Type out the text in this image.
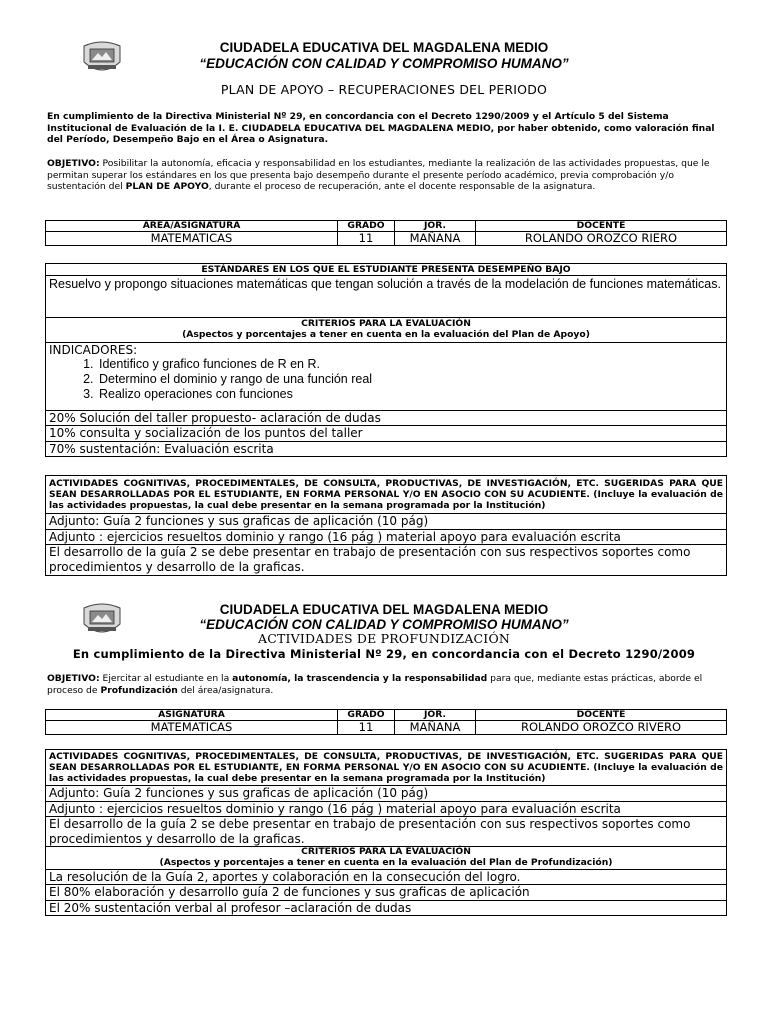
CIUDADELA EDUCATIVA DEL MAGDALENA MEDIO
“EDUCACIÓN CON CALIDAD Y COMPROMISO HUMANO”
PLAN DE APOYO – RECUPERACIONES DEL PERIODO
En cumplimiento de la Directiva Ministerial Nº 29, en concordancia con el Decreto 1290/2009 y el Artículo 5 del Sistema Institucional de Evaluación de la I. E. CIUDADELA EDUCATIVA DEL MAGDALENA MEDIO, por haber obtenido, como valoración final del Período, Desempeño Bajo en el Área o Asignatura.
OBJETIVO: Posibilitar la autonomía, eficacia y responsabilidad en los estudiantes, mediante la realización de las actividades propuestas, que le permitan superar los estándares en los que presenta bajo desempeño durante el presente período académico, previa comprobación y/o sustentación del PLAN DE APOYO, durante el proceso de recuperación, ante el docente responsable de la asignatura.
ÁREA/ASIGNATURA	GRADO	JOR.	DOCENTE
MATEMATICAS	11	MAÑANA	ROLANDO OROZCO RIERO
ESTÁNDARES EN LOS QUE EL ESTUDIANTE PRESENTA DESEMPEÑO BAJO
Resuelvo y propongo situaciones matemáticas que tengan solución a través de la modelación de funciones matemáticas.

CRITERIOS PARA LA EVALUACIÓN
(Aspectos y porcentajes a tener en cuenta en la evaluación del Plan de Apoyo)

INDICADORES:
1. Identifico y grafico funciones de R en R.
2. Determino el dominio y rango de una función real
3. Realizo operaciones con funciones

20% Solución del taller propuesto- aclaración de dudas
10% consulta y socialización de los puntos del taller
70% sustentación: Evaluación escrita
ACTIVIDADES COGNITIVAS, PROCEDIMENTALES, DE CONSULTA, PRODUCTIVAS, DE INVESTIGACIÓN, ETC. SUGERIDAS PARA QUE SEAN DESARROLLADAS POR EL ESTUDIANTE, EN FORMA PERSONAL Y/O EN ASOCIO CON SU ACUDIENTE. (Incluye la evaluación de las actividades propuestas, la cual debe presentar en la semana programada por la Institución)
Adjunto: Guía 2 funciones y sus graficas de aplicación (10 pág)
Adjunto : ejercicios resueltos dominio y rango (16 pág ) material apoyo para evaluación escrita
El desarrollo de la guía 2 se debe presentar en trabajo de presentación con sus respectivos soportes como procedimientos y desarrollo de la graficas.
CIUDADELA EDUCATIVA DEL MAGDALENA MEDIO
“EDUCACIÓN CON CALIDAD Y COMPROMISO HUMANO”
ACTIVIDADES DE PROFUNDIZACIÓN
En cumplimiento de la Directiva Ministerial Nº 29, en concordancia con el Decreto 1290/2009
OBJETIVO: Ejercitar al estudiante en la autonomía, la trascendencia y la responsabilidad para que, mediante estas prácticas, aborde el proceso de Profundización del área/asignatura.
ASIGNATURA	GRADO	JOR.	DOCENTE
MATEMATICAS	11	MAÑANA	ROLANDO OROZCO RIVERO
ACTIVIDADES COGNITIVAS, PROCEDIMENTALES, DE CONSULTA, PRODUCTIVAS, DE INVESTIGACIÓN, ETC. SUGERIDAS PARA QUE SEAN DESARROLLADAS POR EL ESTUDIANTE, EN FORMA PERSONAL Y/O EN ASOCIO CON SU ACUDIENTE. (Incluye la evaluación de las actividades propuestas, la cual debe presentar en la semana programada por la Institución)
Adjunto: Guía 2 funciones y sus graficas de aplicación (10 pág)
Adjunto : ejercicios resueltos dominio y rango (16 pág ) material apoyo para evaluación escrita
El desarrollo de la guía 2 se debe presentar en trabajo de presentación con sus respectivos soportes como procedimientos y desarrollo de la graficas.

CRITERIOS PARA LA EVALUACIÓN
(Aspectos y porcentajes a tener en cuenta en la evaluación del Plan de Profundización)

La resolución de la Guía 2, aportes y colaboración en la consecución del logro.
El 80% elaboración y desarrollo guía 2 de funciones y sus graficas de aplicación
El 20% sustentación verbal al profesor –aclaración de dudas
